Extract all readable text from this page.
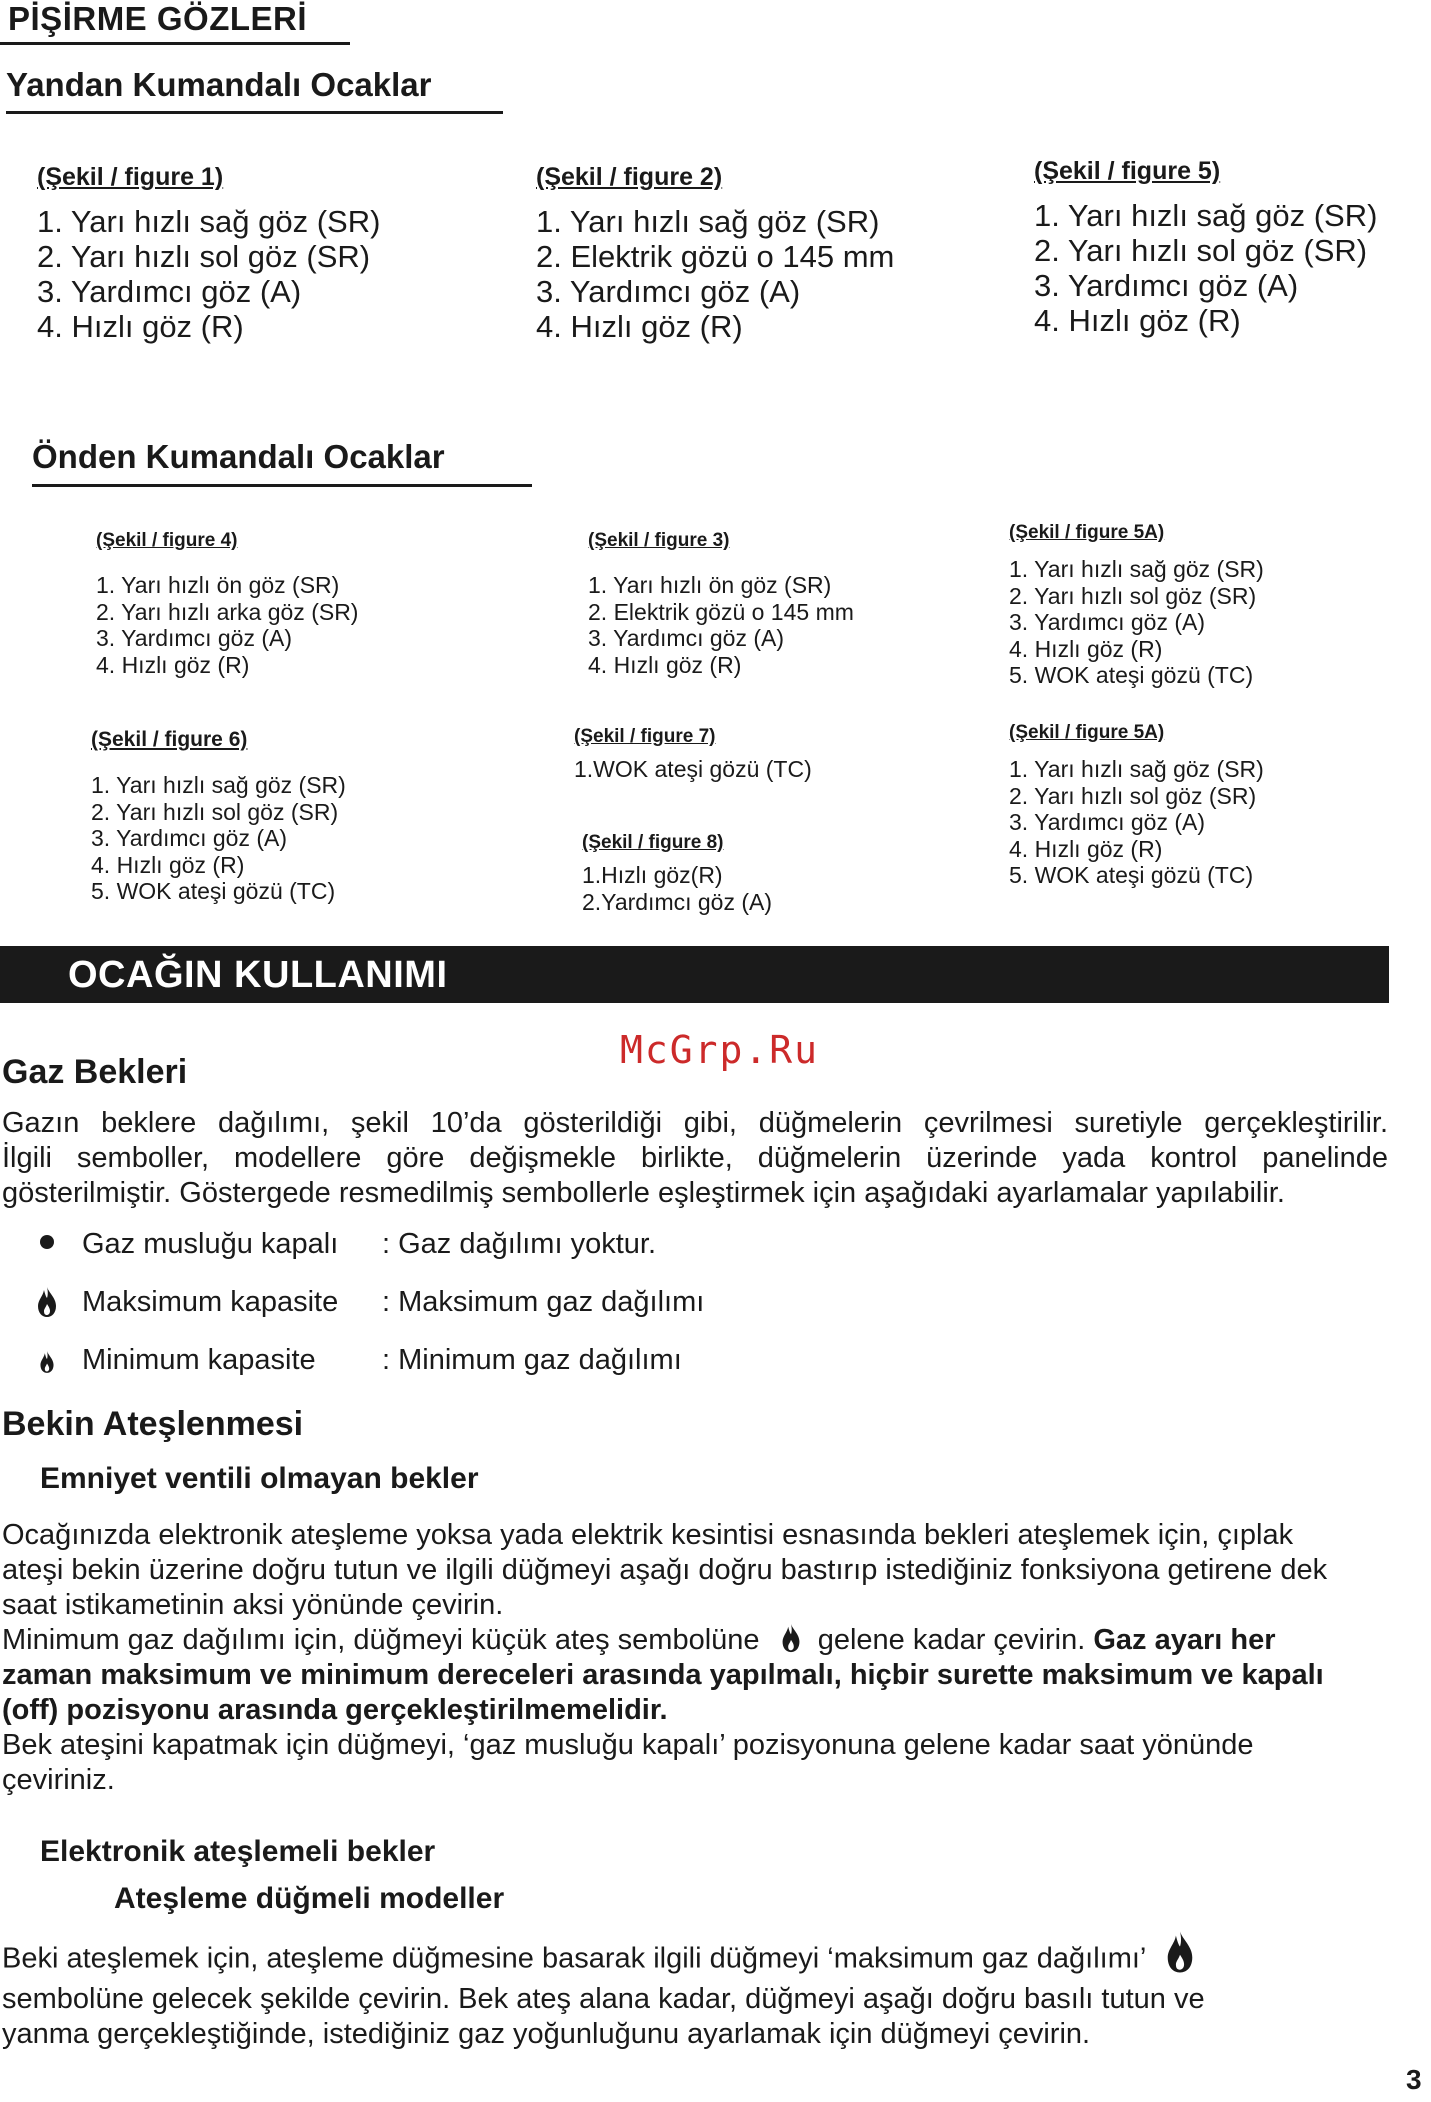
PİŞİRME GÖZLERİ
Yandan Kumandalı Ocaklar
(Şekil / figure 1)
1. Yarı hızlı sağ göz (SR)
2. Yarı hızlı sol göz (SR)
3. Yardımcı göz (A)
4. Hızlı göz (R)
(Şekil / figure 2)
1. Yarı hızlı sağ göz (SR)
2. Elektrik gözü o 145 mm
3. Yardımcı göz (A)
4. Hızlı göz (R)
(Şekil / figure 5)
1. Yarı hızlı sağ göz (SR)
2. Yarı hızlı sol göz (SR)
3. Yardımcı göz (A)
4. Hızlı göz (R)
Önden Kumandalı Ocaklar
(Şekil / figure 4)
1. Yarı hızlı ön göz (SR)
2. Yarı hızlı arka göz (SR)
3. Yardımcı göz (A)
4. Hızlı göz (R)
(Şekil / figure 3)
1. Yarı hızlı ön göz (SR)
2. Elektrik gözü o 145 mm
3. Yardımcı göz (A)
4. Hızlı göz (R)
(Şekil / figure 5A)
1. Yarı hızlı sağ göz (SR)
2. Yarı hızlı sol göz (SR)
3. Yardımcı göz (A)
4. Hızlı göz (R)
5. WOK ateşi gözü (TC)
(Şekil / figure 6)
1. Yarı hızlı sağ göz (SR)
2. Yarı hızlı sol göz (SR)
3. Yardımcı göz (A)
4. Hızlı göz (R)
5. WOK ateşi gözü (TC)
(Şekil / figure 7)
1.WOK ateşi gözü (TC)
(Şekil / figure 8)
1.Hızlı göz(R)
2.Yardımcı göz (A)
(Şekil / figure 5A)
1. Yarı hızlı sağ göz (SR)
2. Yarı hızlı sol göz (SR)
3. Yardımcı göz (A)
4. Hızlı göz (R)
5. WOK ateşi gözü (TC)
OCAĞIN KULLANIMI
McGrp.Ru
Gaz Bekleri
Gazın beklere dağılımı, şekil 10’da gösterildiği gibi, düğmelerin çevrilmesi suretiyle gerçekleştirilir.
İlgili semboller, modellere göre değişmekle birlikte, düğmelerin üzerinde yada kontrol panelinde
gösterilmiştir. Göstergede resmedilmiş sembollerle eşleştirmek için aşağıdaki ayarlamalar yapılabilir.
Gaz musluğu kapalı : Gaz dağılımı yoktur.
Maksimum kapasite : Maksimum gaz dağılımı
Minimum kapasite : Minimum gaz dağılımı
Bekin Ateşlenmesi
Emniyet ventili olmayan bekler
Ocağınızda elektronik ateşleme yoksa yada elektrik kesintisi esnasında bekleri ateşlemek için, çıplak
ateşi bekin üzerine doğru tutun ve ilgili düğmeyi aşağı doğru bastırıp istediğiniz fonksiyona getirene dek
saat istikametinin aksi yönünde çevirin.
Minimum gaz dağılımı için, düğmeyi küçük ateş sembolüne gelene kadar çevirin. Gaz ayarı her
zaman maksimum ve minimum dereceleri arasında yapılmalı, hiçbir surette maksimum ve kapalı
(off) pozisyonu arasında gerçekleştirilmemelidir.
Bek ateşini kapatmak için düğmeyi, ‘gaz musluğu kapalı’ pozisyonuna gelene kadar saat yönünde
çeviriniz.
Elektronik ateşlemeli bekler
Ateşleme düğmeli modeller
Beki ateşlemek için, ateşleme düğmesine basarak ilgili düğmeyi ‘maksimum gaz dağılımı’
sembolüne gelecek şekilde çevirin. Bek ateş alana kadar, düğmeyi aşağı doğru basılı tutun ve
yanma gerçekleştiğinde, istediğiniz gaz yoğunluğunu ayarlamak için düğmeyi çevirin.
3
